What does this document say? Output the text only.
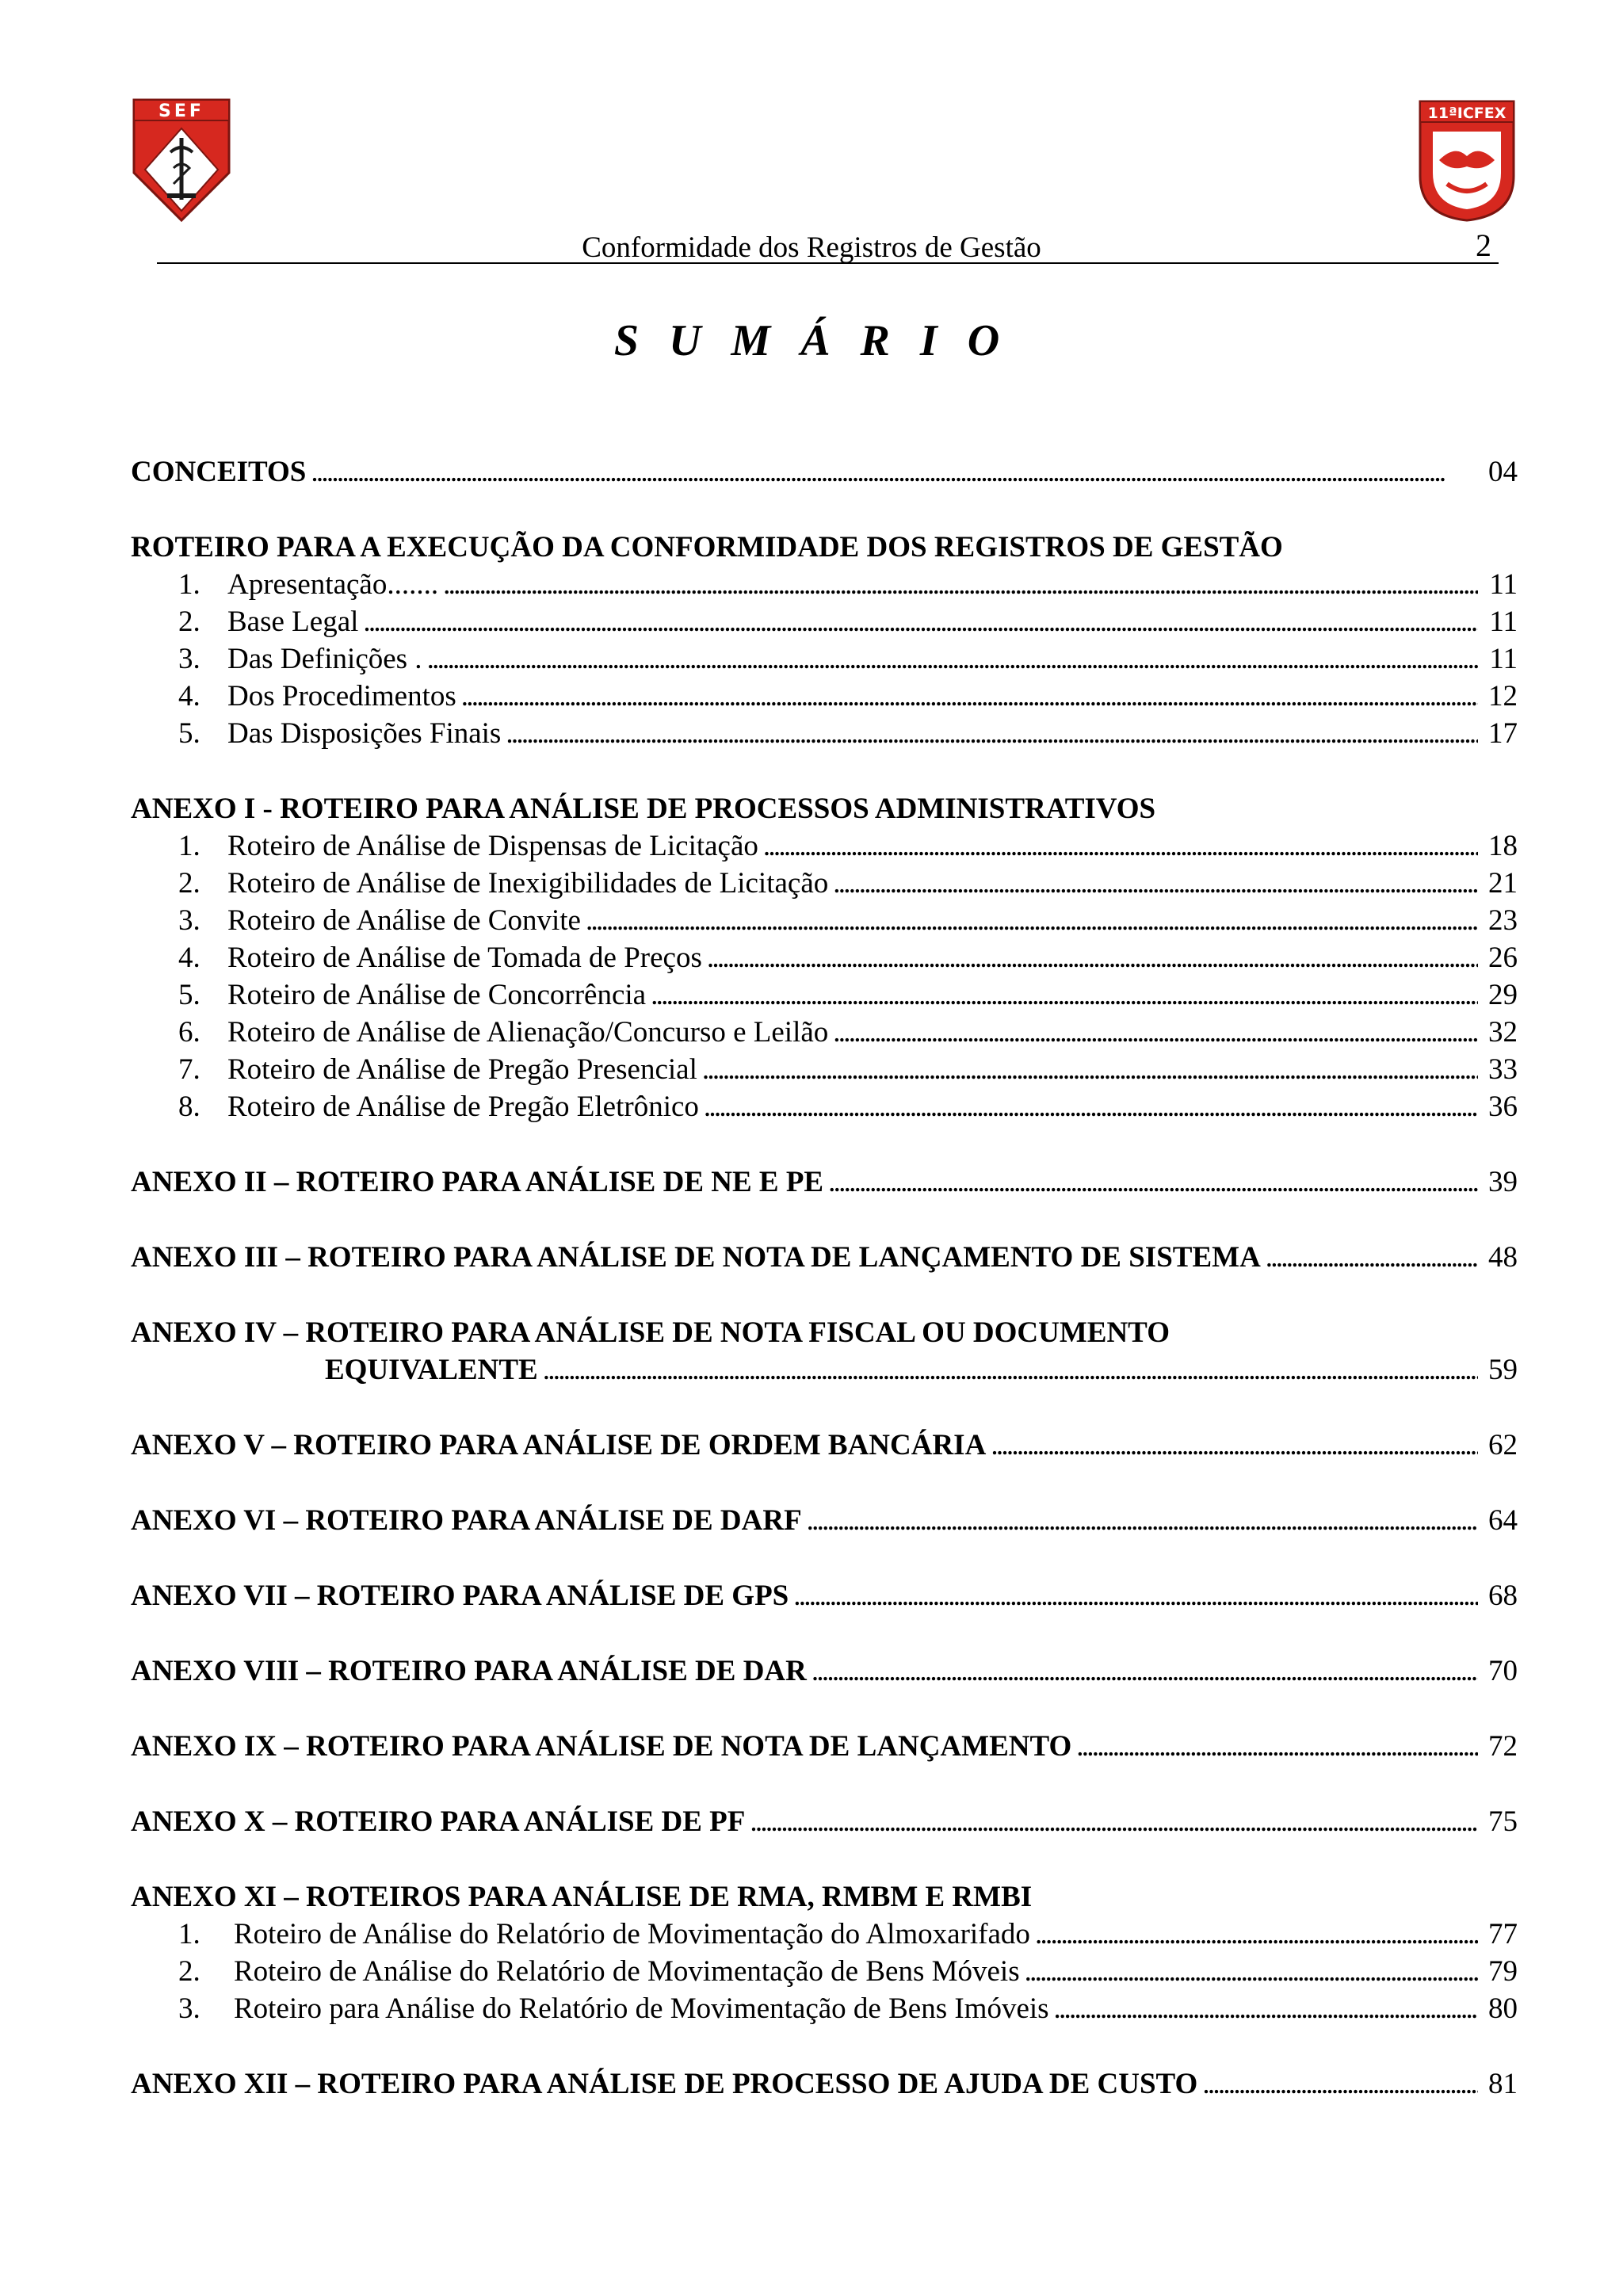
SEF	11ªICFEX
Conformidade dos Registros de Gestão	2
S U M Á R I O
CONCEITOS . . .	04
ROTEIRO PARA A EXECUÇÃO DA CONFORMIDADE DOS REGISTROS DE GESTÃO
1. Apresentação....... . . .	11
2. Base Legal . . .	11
3. Das Definições . . . .	11
4. Dos Procedimentos . . .	12
5. Das Disposições Finais . . .	17
ANEXO I - ROTEIRO PARA ANÁLISE DE PROCESSOS ADMINISTRATIVOS
1. Roteiro de Análise de Dispensas de Licitação . . .	18
2. Roteiro de Análise de Inexigibilidades de Licitação . . .	21
3. Roteiro de Análise de Convite . . .	23
4. Roteiro de Análise de Tomada de Preços . . .	26
5. Roteiro de Análise de Concorrência . . .	29
6. Roteiro de Análise de Alienação/Concurso e Leilão . . .	32
7. Roteiro de Análise de Pregão Presencial . . .	33
8. Roteiro de Análise de Pregão Eletrônico . . .	36
ANEXO II – ROTEIRO PARA ANÁLISE DE NE E PE . . .	39
ANEXO III – ROTEIRO PARA ANÁLISE DE NOTA DE LANÇAMENTO DE SISTEMA . . .	48
ANEXO IV – ROTEIRO PARA ANÁLISE DE NOTA FISCAL OU DOCUMENTO
EQUIVALENTE . . .	59
ANEXO V – ROTEIRO PARA ANÁLISE DE ORDEM BANCÁRIA . . .	62
ANEXO VI – ROTEIRO PARA ANÁLISE DE DARF . . .	64
ANEXO VII – ROTEIRO PARA ANÁLISE DE GPS . . .	68
ANEXO VIII – ROTEIRO PARA ANÁLISE DE DAR . . .	70
ANEXO IX – ROTEIRO PARA ANÁLISE DE NOTA DE LANÇAMENTO . . .	72
ANEXO X – ROTEIRO PARA ANÁLISE DE PF . . .	75
ANEXO XI – ROTEIROS PARA ANÁLISE DE RMA, RMBM E RMBI
1. Roteiro de Análise do Relatório de Movimentação do Almoxarifado . . .	77
2. Roteiro de Análise do Relatório de Movimentação de Bens Móveis . . .	79
3. Roteiro para Análise do Relatório de Movimentação de Bens Imóveis . . .	80
ANEXO XII – ROTEIRO PARA ANÁLISE DE PROCESSO DE AJUDA DE CUSTO . . .	81
